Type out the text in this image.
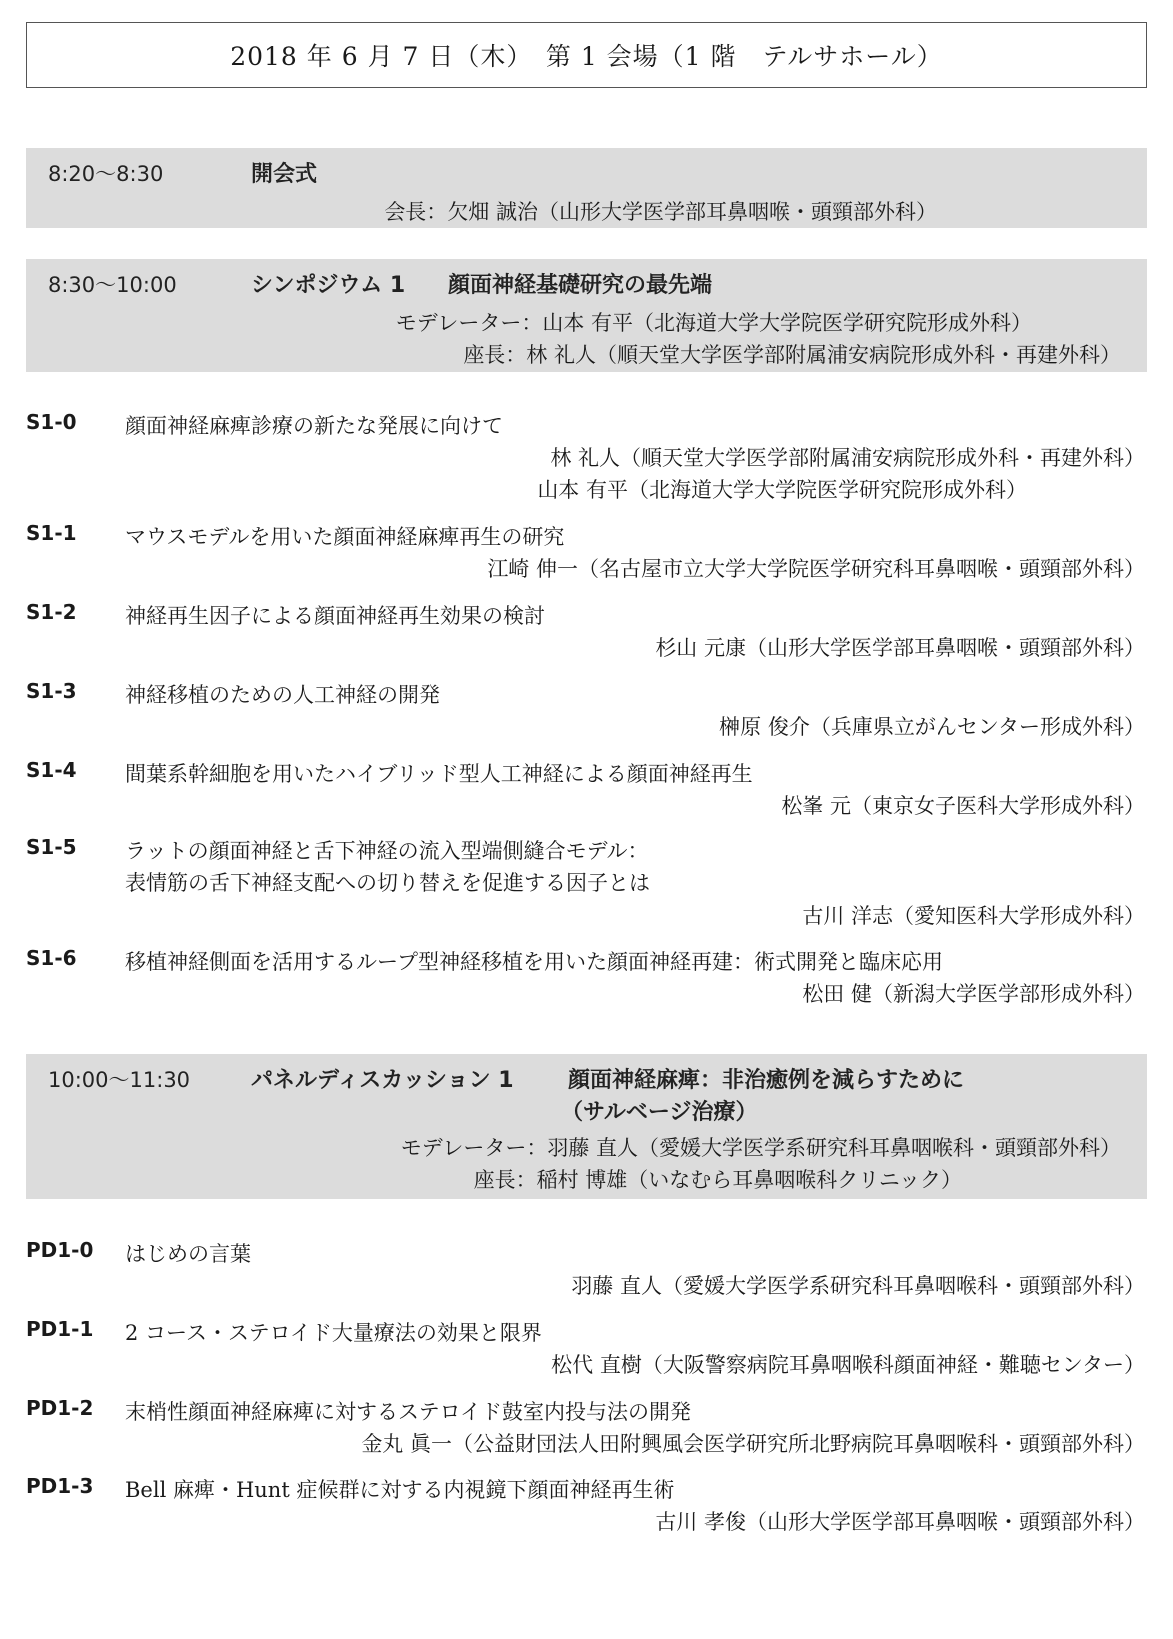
2018 年 6 月 7 日（木）　第 1 会場（1 階　テルサホール）
8:20〜8:30	開会式
会長：欠畑 誠治（山形大学医学部耳鼻咽喉・頭頸部外科）
8:30〜10:00	シンポジウム 1 顔面神経基礎研究の最先端
モデレーター：山本 有平（北海道大学大学院医学研究院形成外科）
座長：林 礼人（順天堂大学医学部附属浦安病院形成外科・再建外科）
S1-0 顔面神経麻痺診療の新たな発展に向けて
林 礼人（順天堂大学医学部附属浦安病院形成外科・再建外科）
山本 有平（北海道大学大学院医学研究院形成外科）
S1-1 マウスモデルを用いた顔面神経麻痺再生の研究
江崎 伸一（名古屋市立大学大学院医学研究科耳鼻咽喉・頭頸部外科）
S1-2 神経再生因子による顔面神経再生効果の検討
杉山 元康（山形大学医学部耳鼻咽喉・頭頸部外科）
S1-3 神経移植のための人工神経の開発
榊原 俊介（兵庫県立がんセンター形成外科）
S1-4 間葉系幹細胞を用いたハイブリッド型人工神経による顔面神経再生
松峯 元（東京女子医科大学形成外科）
S1-5 ラットの顔面神経と舌下神経の流入型端側縫合モデル：
表情筋の舌下神経支配への切り替えを促進する因子とは
古川 洋志（愛知医科大学形成外科）
S1-6 移植神経側面を活用するループ型神経移植を用いた顔面神経再建：術式開発と臨床応用
松田 健（新潟大学医学部形成外科）
10:00〜11:30	パネルディスカッション 1 顔面神経麻痺：非治癒例を減らすために
（サルベージ治療）
モデレーター：羽藤 直人（愛媛大学医学系研究科耳鼻咽喉科・頭頸部外科）
座長：稲村 博雄（いなむら耳鼻咽喉科クリニック）
PD1-0 はじめの言葉
羽藤 直人（愛媛大学医学系研究科耳鼻咽喉科・頭頸部外科）
PD1-1 2 コース・ステロイド大量療法の効果と限界
松代 直樹（大阪警察病院耳鼻咽喉科顔面神経・難聴センター）
PD1-2 末梢性顔面神経麻痺に対するステロイド鼓室内投与法の開発
金丸 眞一（公益財団法人田附興風会医学研究所北野病院耳鼻咽喉科・頭頸部外科）
PD1-3 Bell 麻痺・Hunt 症候群に対する内視鏡下顔面神経再生術
古川 孝俊（山形大学医学部耳鼻咽喉・頭頸部外科）
